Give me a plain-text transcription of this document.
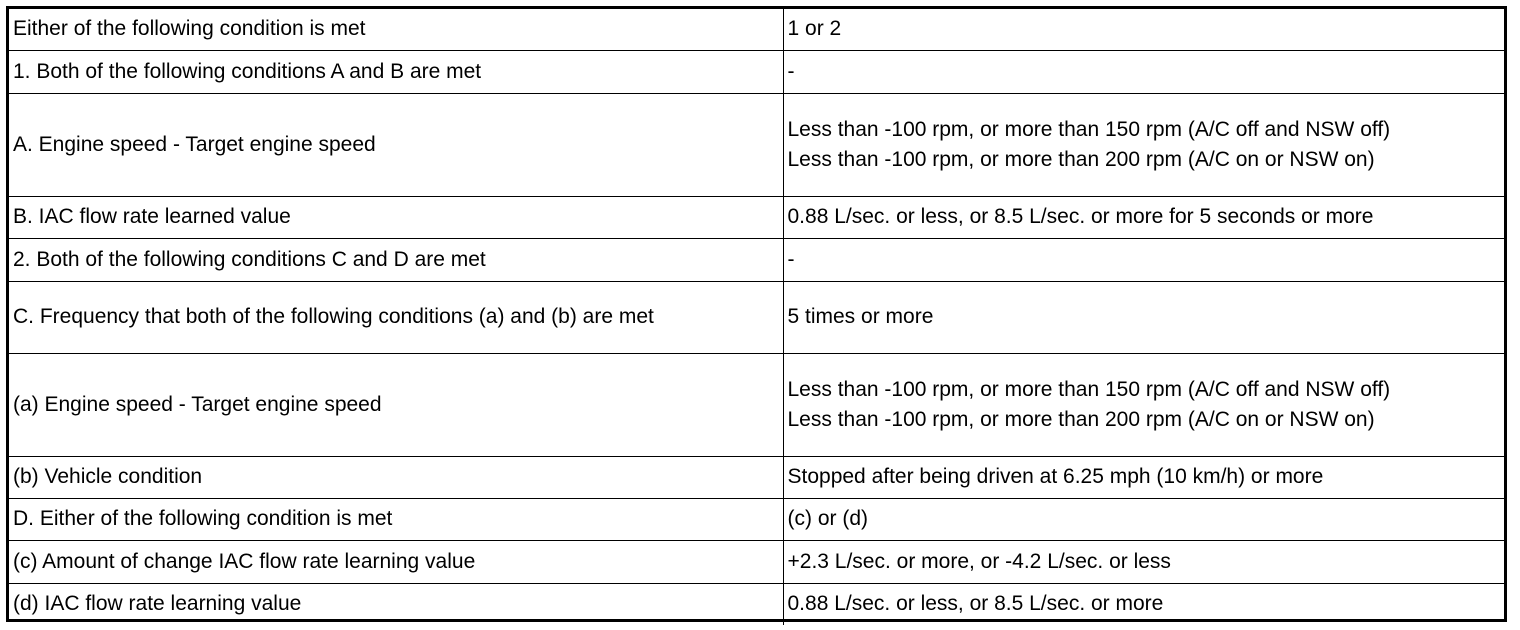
Either of the following condition is met	1 or 2

1. Both of the following conditions A and B are met	-

A. Engine speed - Target engine speed	Less than -100 rpm, or more than 150 rpm (A/C off and NSW off)
Less than -100 rpm, or more than 200 rpm (A/C on or NSW on)

B. IAC flow rate learned value	0.88 L/sec. or less, or 8.5 L/sec. or more for 5 seconds or more

2. Both of the following conditions C and D are met	-

C. Frequency that both of the following conditions (a) and (b) are met	5 times or more

(a) Engine speed - Target engine speed	Less than -100 rpm, or more than 150 rpm (A/C off and NSW off)
Less than -100 rpm, or more than 200 rpm (A/C on or NSW on)

(b) Vehicle condition	Stopped after being driven at 6.25 mph (10 km/h) or more

D. Either of the following condition is met	(c) or (d)

(c) Amount of change IAC flow rate learning value	+2.3 L/sec. or more, or -4.2 L/sec. or less

(d) IAC flow rate learning value	0.88 L/sec. or less, or 8.5 L/sec. or more
